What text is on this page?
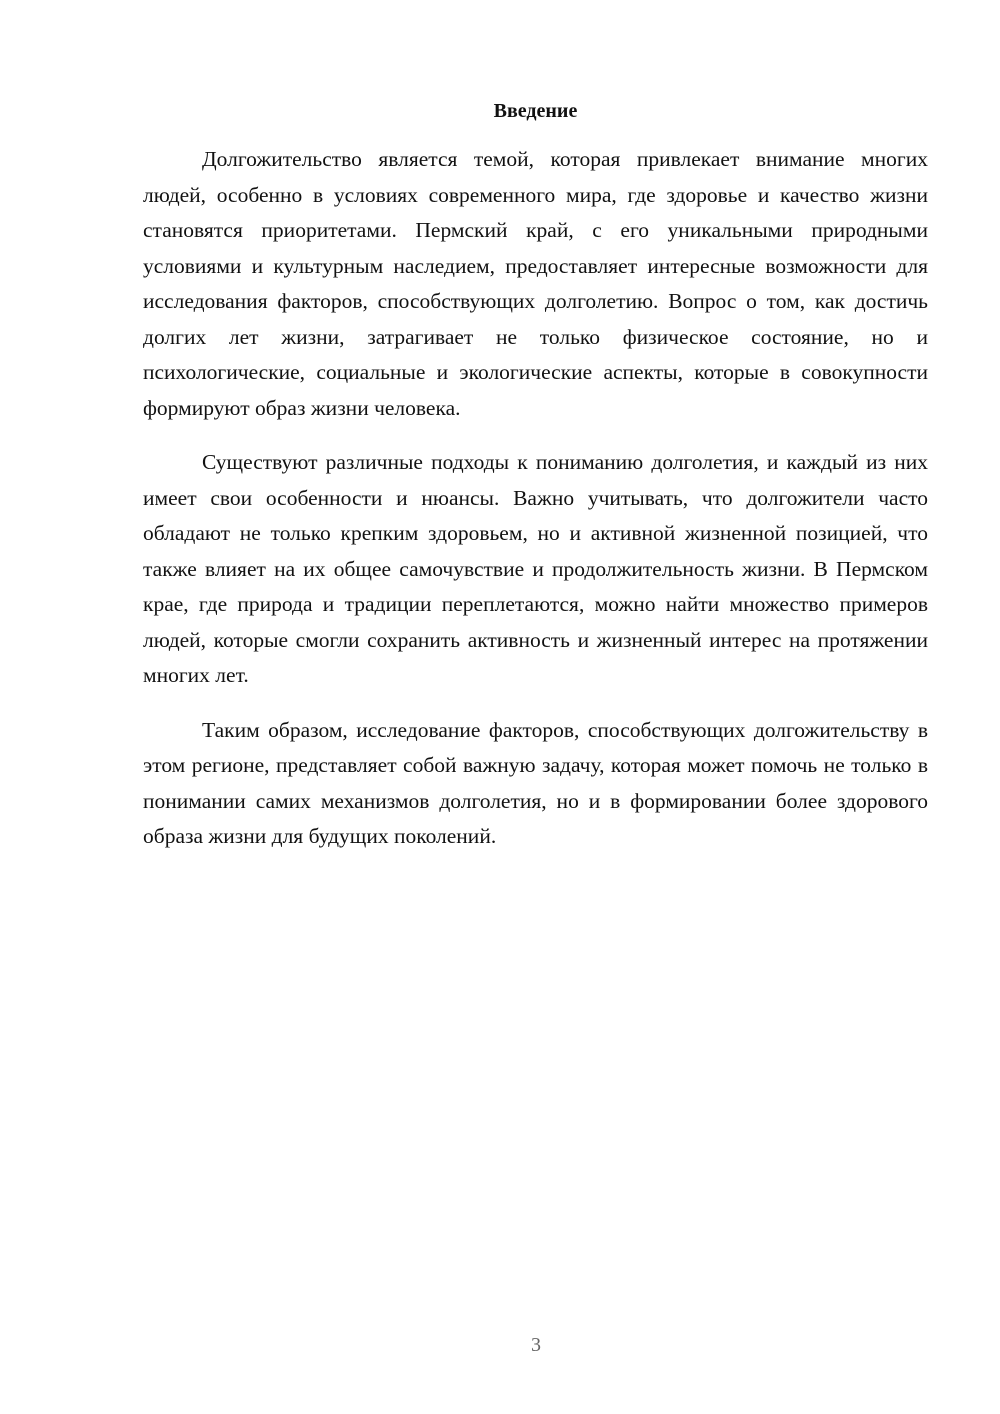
Введение

Долгожительство является темой, которая привлекает внимание многих людей, особенно в условиях современного мира, где здоровье и качество жизни становятся приоритетами. Пермский край, с его уникальными природными условиями и культурным наследием, предоставляет интересные возможности для исследования факторов, способствующих долголетию. Вопрос о том, как достичь долгих лет жизни, затрагивает не только физическое состояние, но и психологические, социальные и экологические аспекты, которые в совокупности формируют образ жизни человека.

Существуют различные подходы к пониманию долголетия, и каждый из них имеет свои особенности и нюансы. Важно учитывать, что долгожители часто обладают не только крепким здоровьем, но и активной жизненной позицией, что также влияет на их общее самочувствие и продолжительность жизни. В Пермском крае, где природа и традиции переплетаются, можно найти множество примеров людей, которые смогли сохранить активность и жизненный интерес на протяжении многих лет.

Таким образом, исследование факторов, способствующих долгожительству в этом регионе, представляет собой важную задачу, которая может помочь не только в понимании самих механизмов долголетия, но и в формировании более здорового образа жизни для будущих поколений.

3
